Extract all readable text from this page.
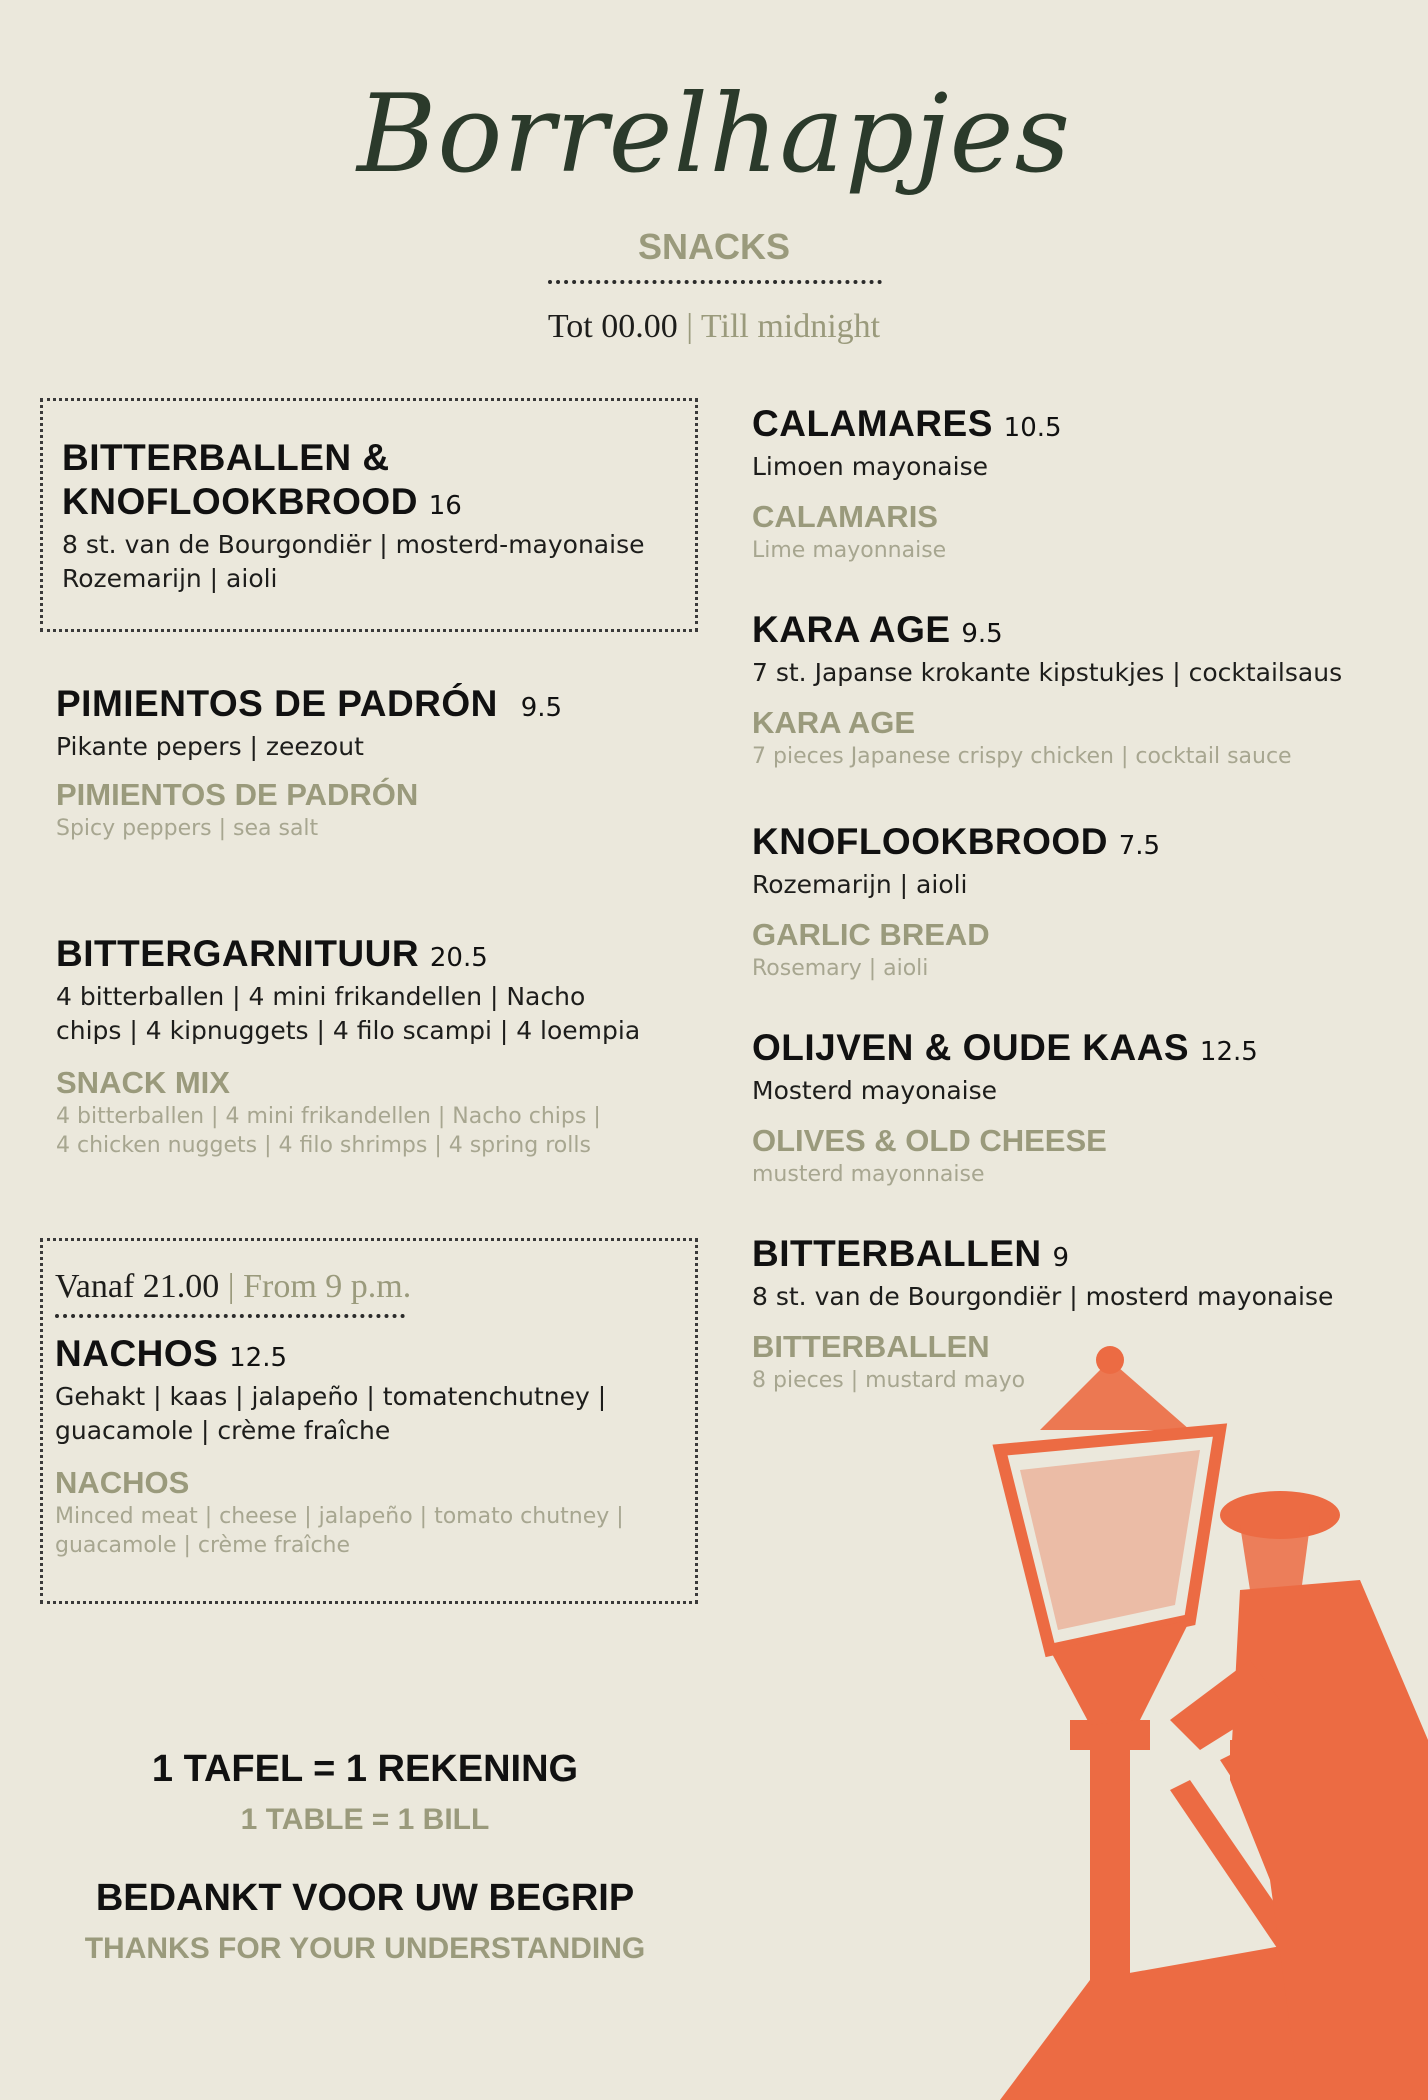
Borrelhapjes
SNACKS
Tot 00.00 | Till midnight
BITTERBALLEN &
KNOFLOOKBROOD 16
8 st. van de Bourgondiër | mosterd-mayonaise
Rozemarijn | aioli
PIMIENTOS DE PADRÓN 9.5
Pikante pepers | zeezout
PIMIENTOS DE PADRÓN
Spicy peppers | sea salt
BITTERGARNITUUR 20.5
4 bitterballen | 4 mini frikandellen | Nacho
chips | 4 kipnuggets | 4 filo scampi | 4 loempia
SNACK MIX
4 bitterballen | 4 mini frikandellen | Nacho chips |
4 chicken nuggets | 4 filo shrimps | 4 spring rolls
Vanaf 21.00 | From 9 p.m.
NACHOS 12.5
Gehakt | kaas | jalapeño | tomatenchutney |
guacamole | crème fraîche
NACHOS
Minced meat | cheese | jalapeño | tomato chutney |
guacamole | crème fraîche
CALAMARES 10.5
Limoen mayonaise
CALAMARIS
Lime mayonnaise
KARA AGE 9.5
7 st. Japanse krokante kipstukjes | cocktailsaus
KARA AGE
7 pieces Japanese crispy chicken | cocktail sauce
KNOFLOOKBROOD 7.5
Rozemarijn | aioli
GARLIC BREAD
Rosemary | aioli
OLIJVEN & OUDE KAAS 12.5
Mosterd mayonaise
OLIVES & OLD CHEESE
musterd mayonnaise
BITTERBALLEN 9
8 st. van de Bourgondiër | mosterd mayonaise
BITTERBALLEN
8 pieces | mustard mayo
1 TAFEL = 1 REKENING
1 TABLE = 1 BILL
BEDANKT VOOR UW BEGRIP
THANKS FOR YOUR UNDERSTANDING
